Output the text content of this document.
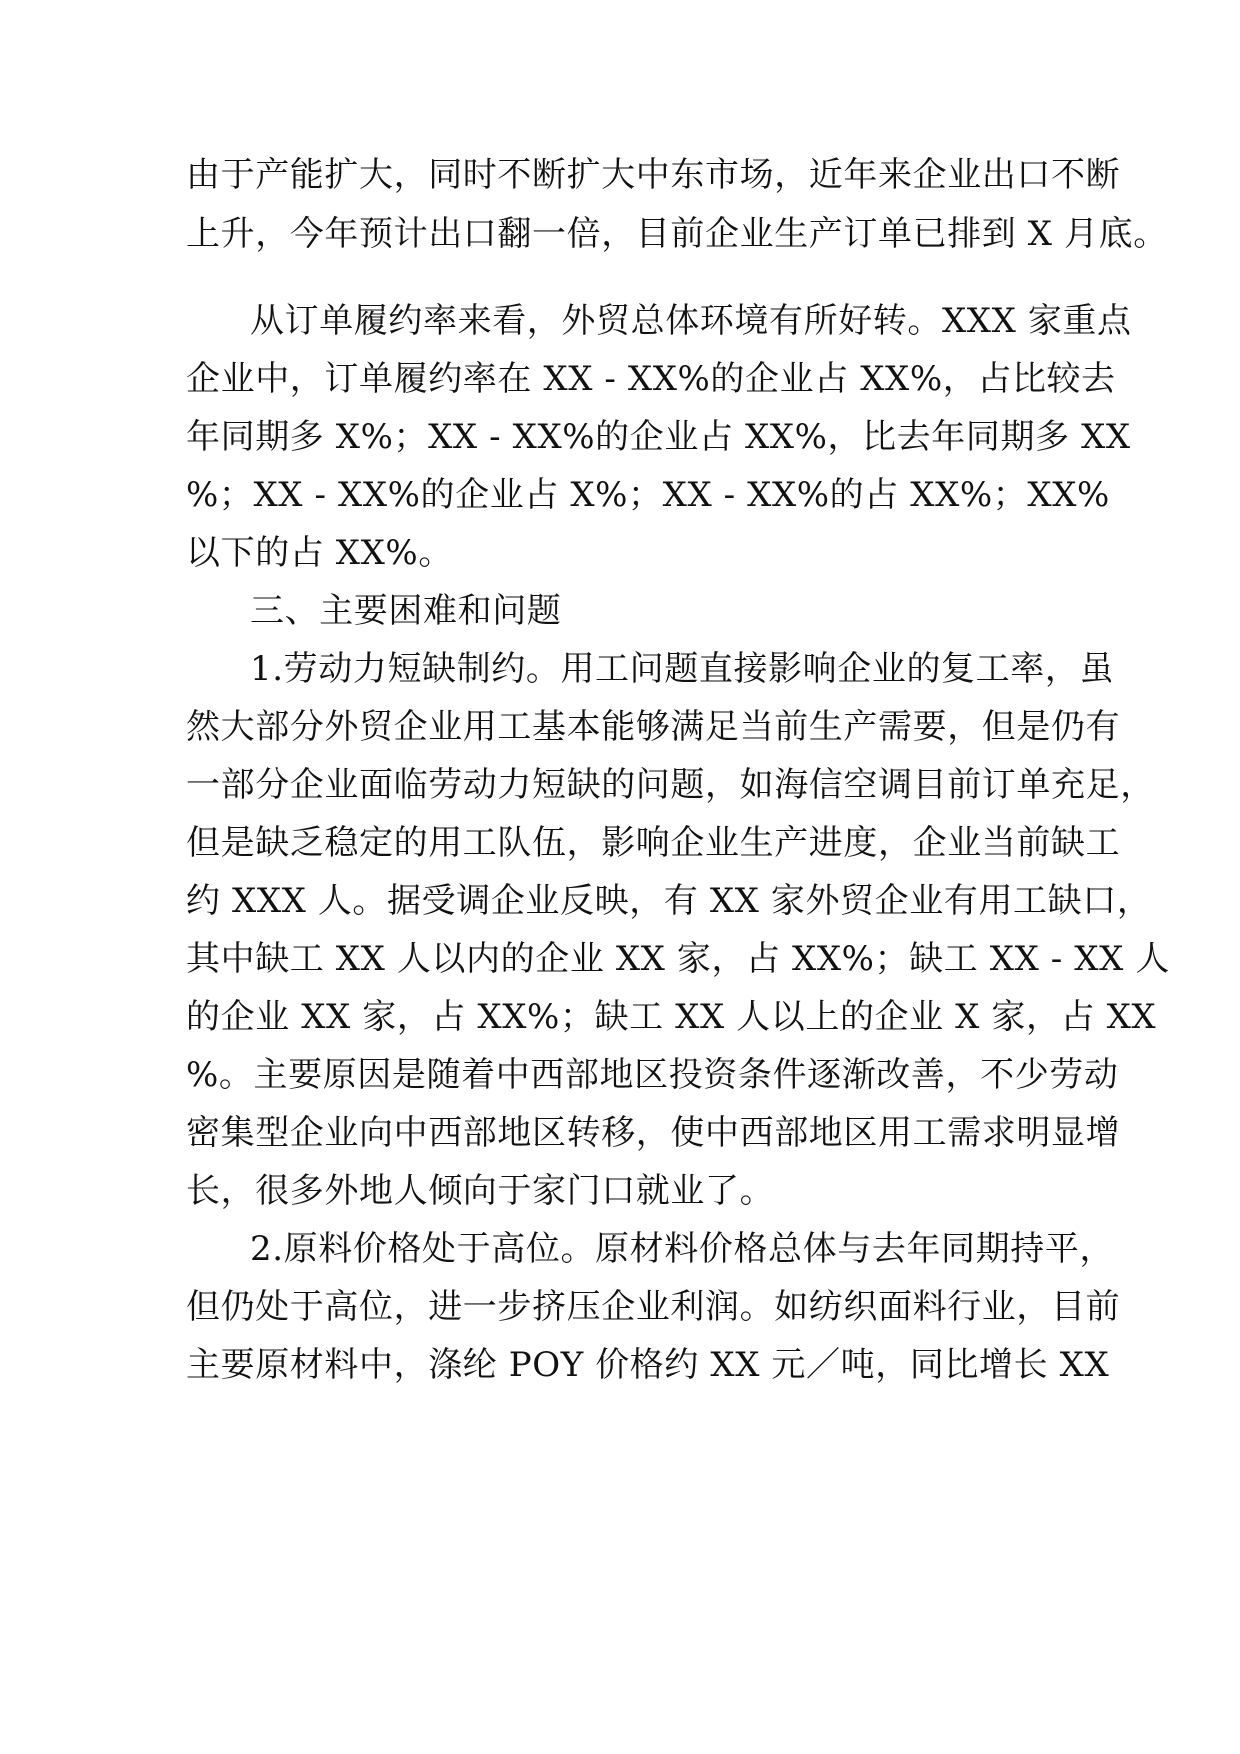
由于产能扩大，同时不断扩大中东市场，近年来企业出口不断
上升，今年预计出口翻一倍，目前企业生产订单已排到 X 月底。
从订单履约率来看，外贸总体环境有所好转。XXX 家重点
企业中，订单履约率在 XX - XX%的企业占 XX%，占比较去
年同期多 X%；XX - XX%的企业占 XX%，比去年同期多 XX
%；XX - XX%的企业占 X%；XX - XX%的占 XX%；XX%
以下的占 XX%。
三、主要困难和问题
1.劳动力短缺制约。用工问题直接影响企业的复工率，虽
然大部分外贸企业用工基本能够满足当前生产需要，但是仍有
一部分企业面临劳动力短缺的问题，如海信空调目前订单充足，
但是缺乏稳定的用工队伍，影响企业生产进度，企业当前缺工
约 XXX 人。据受调企业反映，有 XX 家外贸企业有用工缺口，
其中缺工 XX 人以内的企业 XX 家，占 XX%；缺工 XX - XX 人
的企业 XX 家，占 XX%；缺工 XX 人以上的企业 X 家，占 XX
%。主要原因是随着中西部地区投资条件逐渐改善，不少劳动
密集型企业向中西部地区转移，使中西部地区用工需求明显增
长，很多外地人倾向于家门口就业了。
2.原料价格处于高位。原材料价格总体与去年同期持平，
但仍处于高位，进一步挤压企业利润。如纺织面料行业，目前
主要原材料中，涤纶 POY 价格约 XX 元／吨，同比增长 XX
